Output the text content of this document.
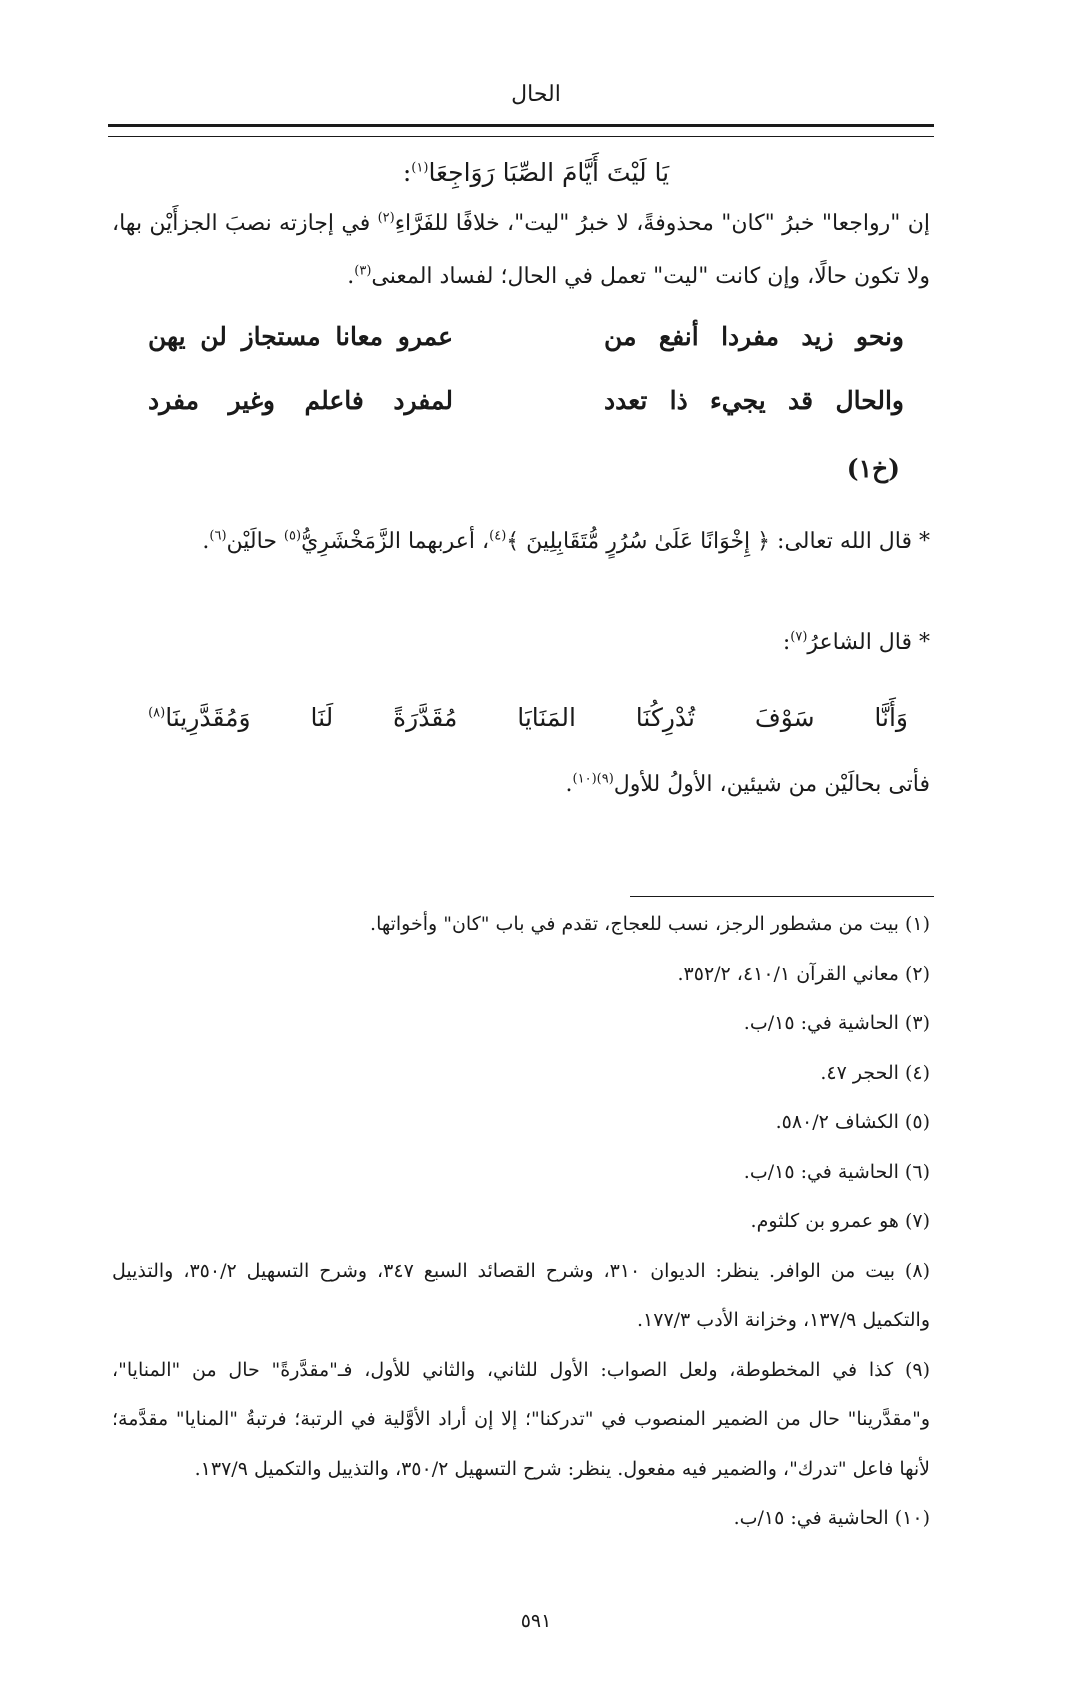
الحال
يَا لَيْتَ أَيَّامَ الصِّبَا رَوَاجِعَا$^{(١)}$:
إن "رواجعا" خبرُ "كان" محذوفةً، لا خبرُ "ليت"، خلافًا للفَرَّاءِ$^{(٢)}$ في إجازته نصبَ الجزأَيْن بها، ولا تكون حالًا، وإن كانت "ليت" تعمل في الحال؛ لفساد المعنى$^{(٣)}$.
ونحو
زيد
مفردا
أنفع
من
عمرو
معانا
مستجاز
لن
يهن
والحال
قد
يجيء
ذا
تعدد
لمفرد
فاعلم
وغير
مفرد
(خ١)
* قال الله تعالى: ﴿ إِخْوَانًا عَلَىٰ سُرُرٍ مُّتَقَابِلِينَ ﴾$^{(٤)}$، أعربهما الزَّمَخْشَرِيُّ$^{(٥)}$ حالَيْن$^{(٦)}$.
* قال الشاعرُ$^{(٧)}$:
وَأَنَّا
سَوْفَ
تُدْرِكُنَا
المَنَايَا
مُقَدَّرَةً
لَنَا
وَمُقَدَّرِينَا$^{(٨)}$
فأتى بحالَيْن من شيئين، الأولُ للأول$^{(٩)(١٠)}$.
(١) بيت من مشطور الرجز، نسب للعجاج، تقدم في باب "كان" وأخواتها.
(٢) معاني القرآن ٤١٠/١، ٣٥٢/٢.
(٣) الحاشية في: ١٥/ب.
(٤) الحجر ٤٧.
(٥) الكشاف ٥٨٠/٢.
(٦) الحاشية في: ١٥/ب.
(٧) هو عمرو بن كلثوم.
(٨) بيت من الوافر. ينظر: الديوان ٣١٠، وشرح القصائد السبع ٣٤٧، وشرح التسهيل ٣٥٠/٢، والتذييل والتكميل ١٣٧/٩، وخزانة الأدب ١٧٧/٣.
(٩) كذا في المخطوطة، ولعل الصواب: الأول للثاني، والثاني للأول، فـ"مقدَّرةً" حال من "المنايا"، و"مقدَّرينا" حال من الضمير المنصوب في "تدركنا"؛ إلا إن أراد الأوَّلية في الرتبة؛ فرتبةُ "المنايا" مقدَّمة؛ لأنها فاعل "تدرك"، والضمير فيه مفعول. ينظر: شرح التسهيل ٣٥٠/٢، والتذييل والتكميل ١٣٧/٩.
(١٠) الحاشية في: ١٥/ب.
٥٩١
